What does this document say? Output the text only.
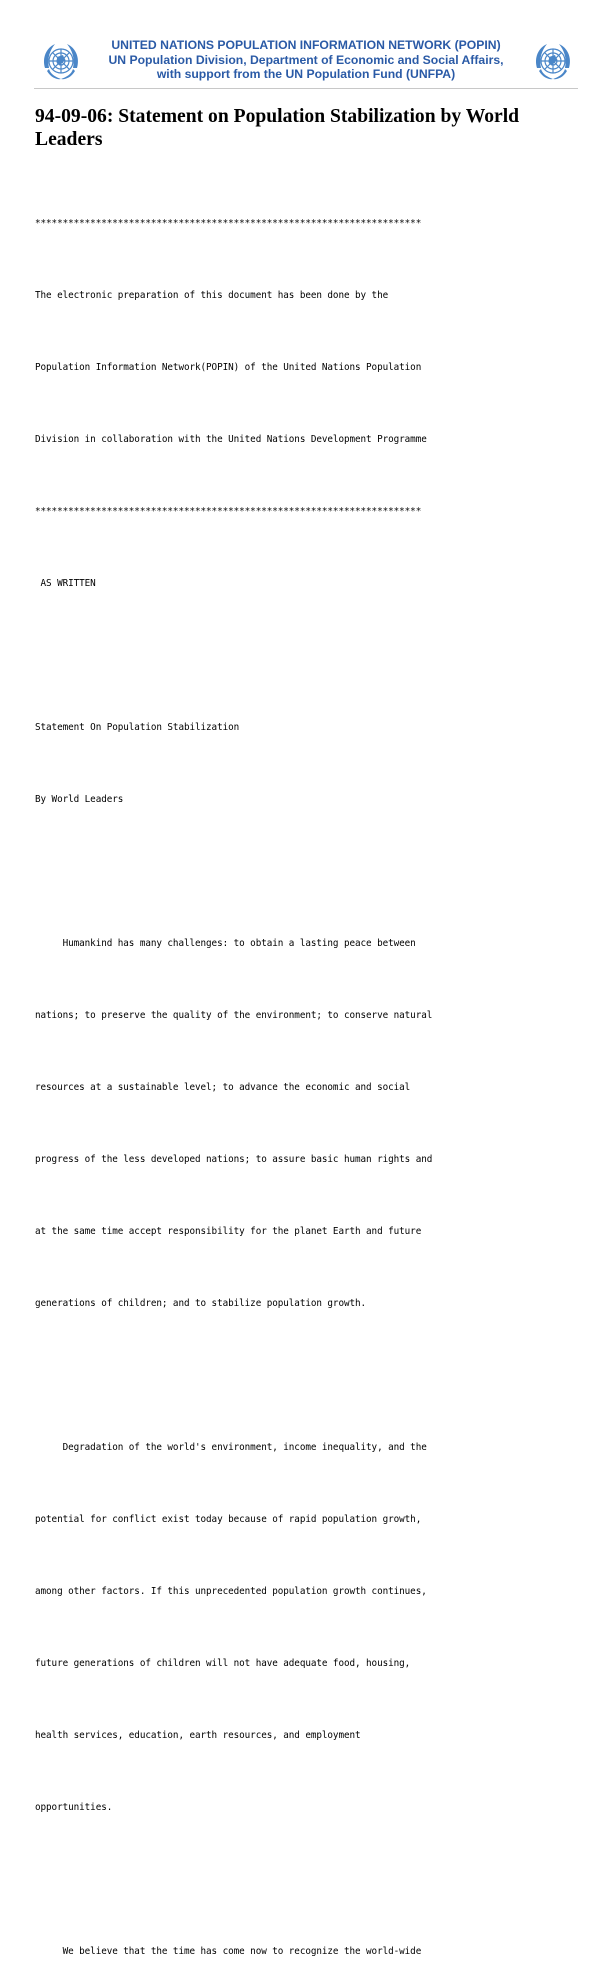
UNITED NATIONS POPULATION INFORMATION NETWORK (POPIN)
UN Population Division, Department of Economic and Social Affairs,
with support from the UN Population Fund (UNFPA)
94-09-06: Statement on Population Stabilization by World Leaders

**********************************************************************

The electronic preparation of this document has been done by the

Population Information Network(POPIN) of the United Nations Population

Division in collaboration with the United Nations Development Programme

**********************************************************************

AS WRITTEN

Statement On Population Stabilization

By World Leaders

Humankind has many challenges: to obtain a lasting peace between

nations; to preserve the quality of the environment; to conserve natural

resources at a sustainable level; to advance the economic and social

progress of the less developed nations; to assure basic human rights and

at the same time accept responsibility for the planet Earth and future

generations of children; and to stabilize population growth.

Degradation of the world's environment, income inequality, and the

potential for conflict exist today because of rapid population growth,

among other factors. If this unprecedented population growth continues,

future generations of children will not have adequate food, housing,

health services, education, earth resources, and employment

opportunities.

We believe that the time has come now to recognize the world-wide
